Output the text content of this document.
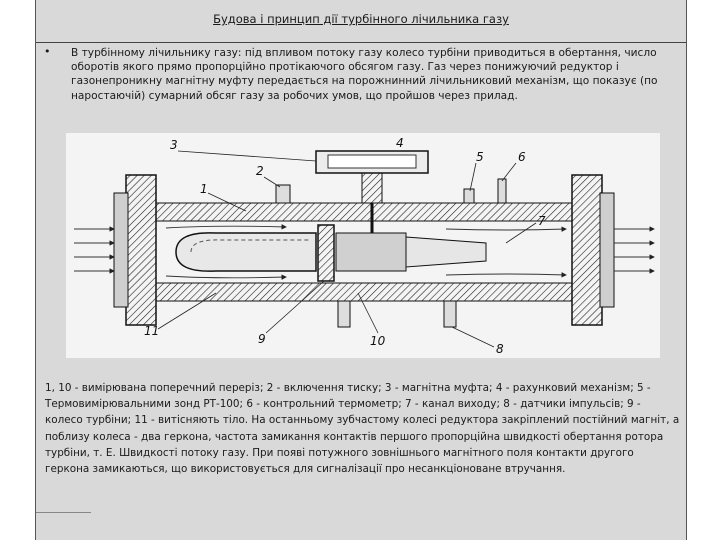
Будова і принцип дії турбінного лічильника газу
• В турбінному лічильнику газу: під впливом потоку газу колесо турбіни приводиться в обертання, число оборотів якого прямо пропорційно протікаючого обсягом газу. Газ через понижуючий редуктор і газонепроникну магнітну муфту передається на порожнинний лічильниковий механізм, що показує (по наростаючій) сумарний обсяг газу за робочих умов, що пройшов через прилад.

3	4
2
1
5	6
7
11
9	10
8

1, 10 - вимірювана поперечний переріз; 2 - включення тиску; 3 - магнітна муфта; 4 - рахунковий механізм; 5 - Термовимірювальними зонд РТ-100; 6 - контрольний термометр; 7 - канал виходу; 8 - датчики імпульсів; 9 - колесо турбіни; 11 - витісняють тіло. На останньому зубчастому колесі редуктора закріплений постійний магніт, а поблизу колеса - два геркона, частота замикання контактів першого пропорційна швидкості обертання ротора турбіни, т. Е. Швидкості потоку газу. При появі потужного зовнішнього магнітного поля контакти другого геркона замикаються, що використовується для сигналізації про несанкціоноване втручання.
